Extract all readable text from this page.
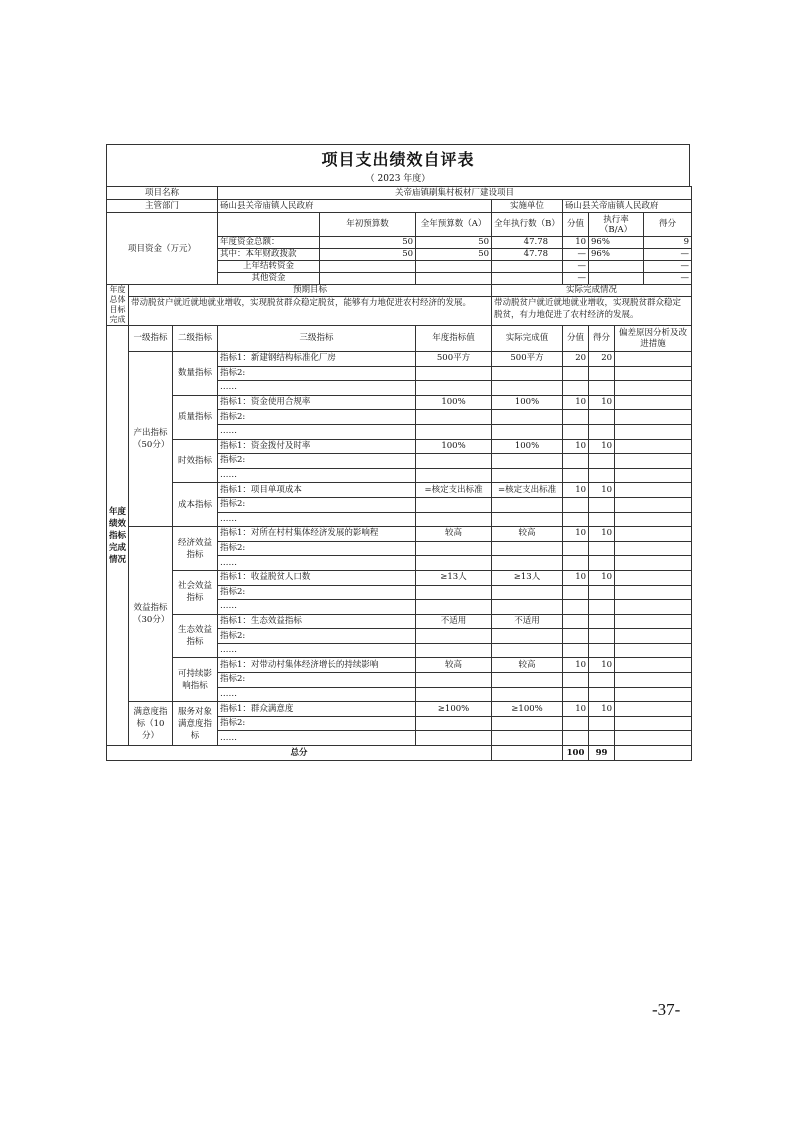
项目支出绩效自评表
（ 2023 年度）
项目名称			关帝庙镇刷集村板材厂建设项目							
主管部门			砀山县关帝庙镇人民政府			实施单位	砀山县关帝庙镇人民政府			
项目资金（万元）				年初预算数	全年预算数（A）	全年执行数（B）	分值	执行率（B/A）		得分
			年度资金总额：	50	50	47.78	10	96%		9
			其中：本年财政拨款	50	50	47.78	—	96%		—
			上年结转资金				—			—
			其他资金				—			—
年度总体目标完成	预期目标					实际完成情况				
	带动脱贫户就近就地就业增收，实现脱贫群众稳定脱贫，能够有力地促进农村经济的发展。					带动脱贫户就近就地就业增收，实现脱贫群众稳定脱贫，有力地促进了农村经济的发展。				
年度绩效指标完成情况	一级指标	二级指标	三级指标		年度指标值	实际完成值	分值	得分	偏差原因分析及改进措施	
	产出指标（50分）	数量指标	指标1：新建钢结构标准化厂房		500平方	500平方	20	20		
			指标2:							
			……							
		质量指标	指标1：资金使用合规率		100%	100%	10	10		
			指标2:							
			……							
		时效指标	指标1：资金拨付及时率		100%	100%	10	10		
			指标2:							
			……							
		成本指标	指标1：项目单项成本		=核定支出标准	=核定支出标准	10	10		
			指标2:							
			……							
	效益指标（30分）	经济效益指标	指标1：对所在村村集体经济发展的影响程		较高	较高	10	10		
			指标2:							
			……							
		社会效益指标	指标1：收益脱贫人口数		≥13人	≥13人	10	10		
			指标2:							
			……							
		生态效益指标	指标1：生态效益指标		不适用	不适用				
			指标2:							
			……							
		可持续影响指标	指标1：对带动村集体经济增长的持续影响		较高	较高	10	10		
			指标2:							
			……							
	满意度指标（10分）	服务对象满意度指标	指标1：群众满意度		≥100%	≥100%	10	10		
			指标2:							
			……							
总分							100	99		
-37-
